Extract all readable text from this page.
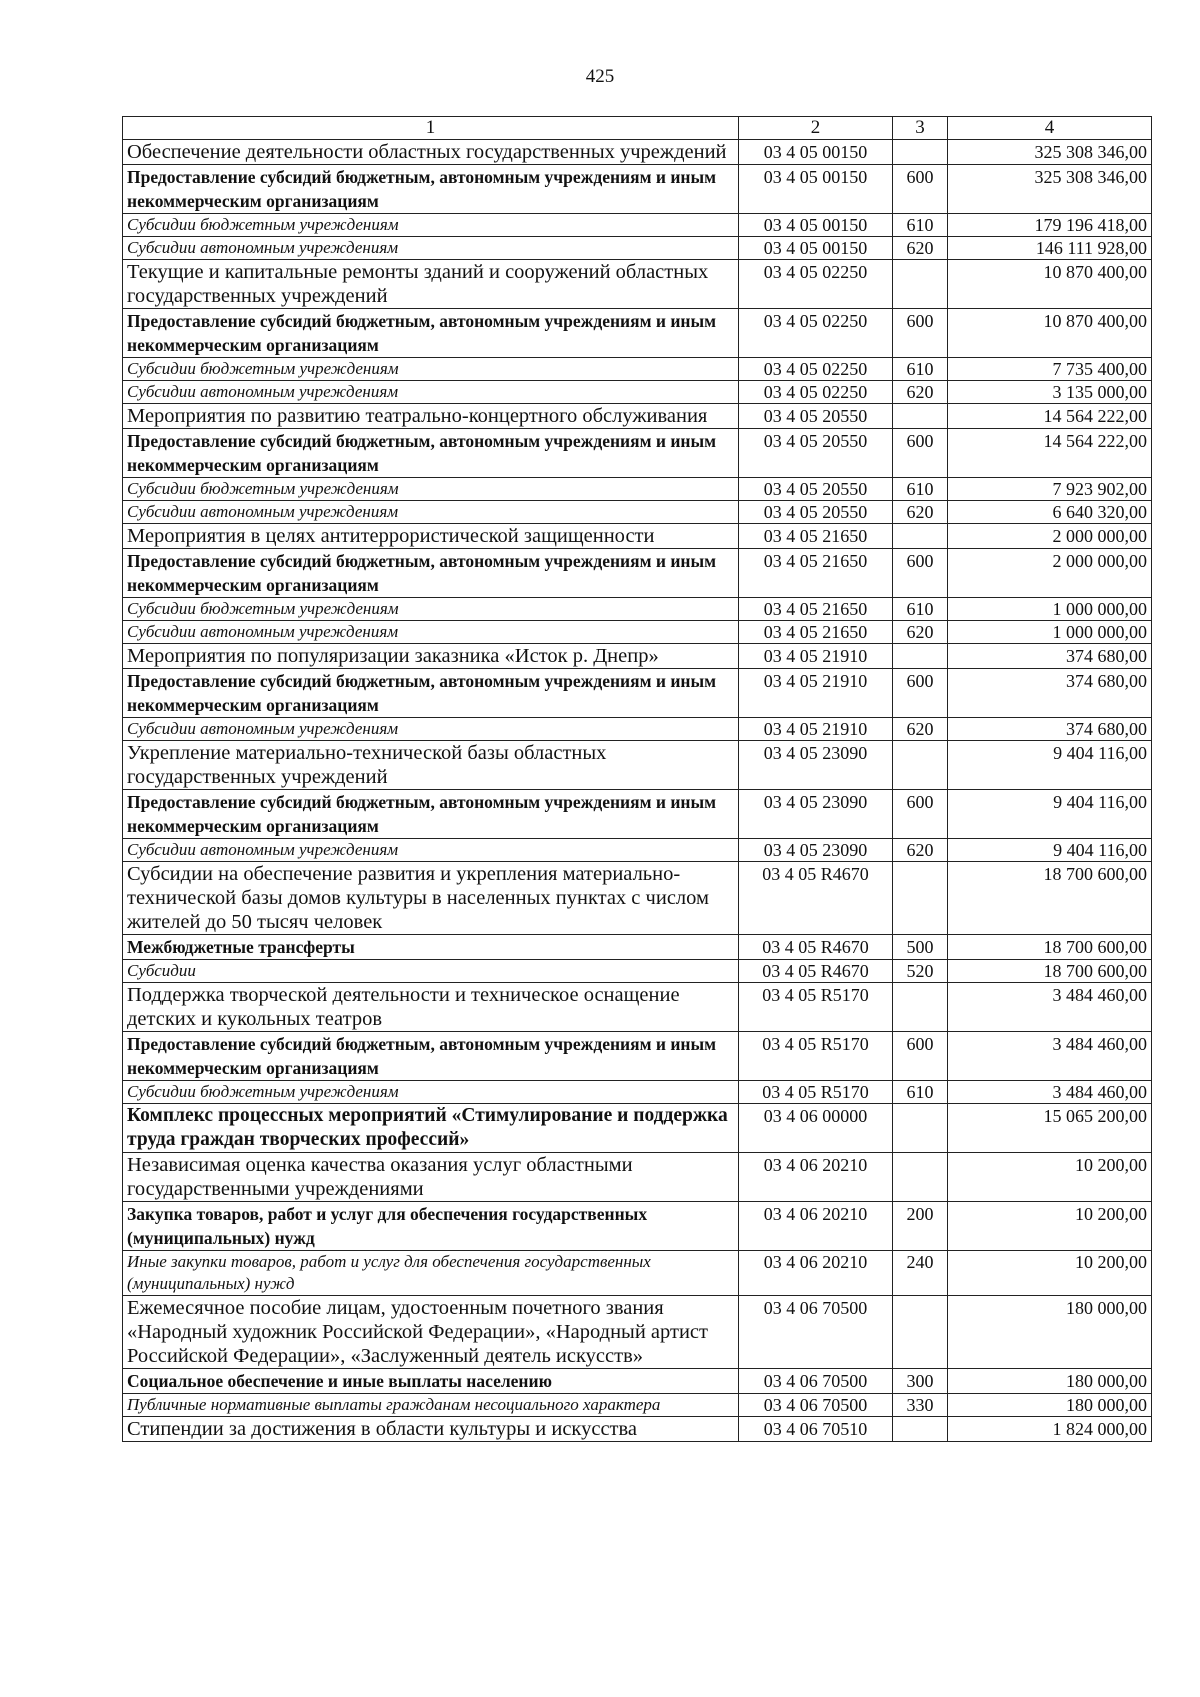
425
1	2	3	4
Обеспечение деятельности областных государственных учреждений	03 4 05 00150		325 308 346,00
Предоставление субсидий бюджетным, автономным учреждениям и иным некоммерческим организациям	03 4 05 00150	600	325 308 346,00
Субсидии бюджетным учреждениям	03 4 05 00150	610	179 196 418,00
Субсидии автономным учреждениям	03 4 05 00150	620	146 111 928,00
Текущие и капитальные ремонты зданий и сооружений областных государственных учреждений	03 4 05 02250		10 870 400,00
Предоставление субсидий бюджетным, автономным учреждениям и иным некоммерческим организациям	03 4 05 02250	600	10 870 400,00
Субсидии бюджетным учреждениям	03 4 05 02250	610	7 735 400,00
Субсидии автономным учреждениям	03 4 05 02250	620	3 135 000,00
Мероприятия по развитию театрально-концертного обслуживания	03 4 05 20550		14 564 222,00
Предоставление субсидий бюджетным, автономным учреждениям и иным некоммерческим организациям	03 4 05 20550	600	14 564 222,00
Субсидии бюджетным учреждениям	03 4 05 20550	610	7 923 902,00
Субсидии автономным учреждениям	03 4 05 20550	620	6 640 320,00
Мероприятия в целях антитеррористической защищенности	03 4 05 21650		2 000 000,00
Предоставление субсидий бюджетным, автономным учреждениям и иным некоммерческим организациям	03 4 05 21650	600	2 000 000,00
Субсидии бюджетным учреждениям	03 4 05 21650	610	1 000 000,00
Субсидии автономным учреждениям	03 4 05 21650	620	1 000 000,00
Мероприятия по популяризации заказника «Исток р. Днепр»	03 4 05 21910		374 680,00
Предоставление субсидий бюджетным, автономным учреждениям и иным некоммерческим организациям	03 4 05 21910	600	374 680,00
Субсидии автономным учреждениям	03 4 05 21910	620	374 680,00
Укрепление материально-технической базы областных государственных учреждений	03 4 05 23090		9 404 116,00
Предоставление субсидий бюджетным, автономным учреждениям и иным некоммерческим организациям	03 4 05 23090	600	9 404 116,00
Субсидии автономным учреждениям	03 4 05 23090	620	9 404 116,00
Субсидии на обеспечение развития и укрепления материально-технической базы домов культуры в населенных пунктах с числом жителей до 50 тысяч человек	03 4 05 R4670		18 700 600,00
Межбюджетные трансферты	03 4 05 R4670	500	18 700 600,00
Субсидии	03 4 05 R4670	520	18 700 600,00
Поддержка творческой деятельности и техническое оснащение детских и кукольных театров	03 4 05 R5170		3 484 460,00
Предоставление субсидий бюджетным, автономным учреждениям и иным некоммерческим организациям	03 4 05 R5170	600	3 484 460,00
Субсидии бюджетным учреждениям	03 4 05 R5170	610	3 484 460,00
Комплекс процессных мероприятий «Стимулирование и поддержка труда граждан творческих профессий»	03 4 06 00000		15 065 200,00
Независимая оценка качества оказания услуг областными государственными учреждениями	03 4 06 20210		10 200,00
Закупка товаров, работ и услуг для обеспечения государственных (муниципальных) нужд	03 4 06 20210	200	10 200,00
Иные закупки товаров, работ и услуг для обеспечения государственных (муниципальных) нужд	03 4 06 20210	240	10 200,00
Ежемесячное пособие лицам, удостоенным почетного звания «Народный художник Российской Федерации», «Народный артист Российской Федерации», «Заслуженный деятель искусств»	03 4 06 70500		180 000,00
Социальное обеспечение и иные выплаты населению	03 4 06 70500	300	180 000,00
Публичные нормативные выплаты гражданам несоциального характера	03 4 06 70500	330	180 000,00
Стипендии за достижения в области культуры и искусства	03 4 06 70510		1 824 000,00
